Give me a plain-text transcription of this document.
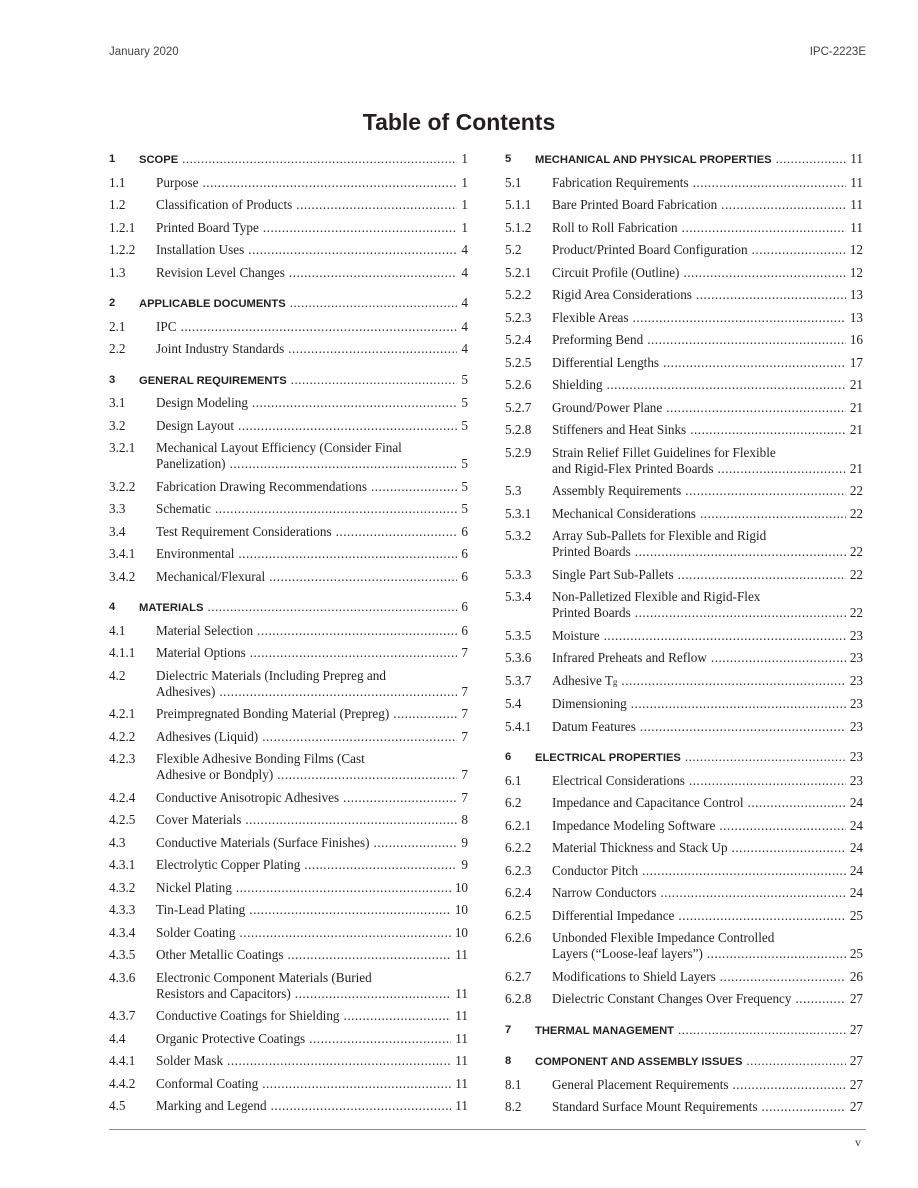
January 2020	IPC-2223E
Table of Contents
1	SCOPE .....	1
1.1	Purpose .....	1
1.2	Classification of Products .....	1
1.2.1	Printed Board Type .....	1
1.2.2	Installation Uses .....	4
1.3	Revision Level Changes .....	4
2	APPLICABLE DOCUMENTS .....	4
2.1	IPC .....	4
2.2	Joint Industry Standards .....	4
3	GENERAL REQUIREMENTS .....	5
3.1	Design Modeling .....	5
3.2	Design Layout .....	5
3.2.1	Mechanical Layout Efficiency (Consider Final
Panelization) .....	5
3.2.2	Fabrication Drawing Recommendations .....	5
3.3	Schematic .....	5
3.4	Test Requirement Considerations .....	6
3.4.1	Environmental .....	6
3.4.2	Mechanical/Flexural .....	6
4	MATERIALS .....	6
4.1	Material Selection .....	6
4.1.1	Material Options .....	7
4.2	Dielectric Materials (Including Prepreg and
Adhesives) .....	7
4.2.1	Preimpregnated Bonding Material (Prepreg) .....	7
4.2.2	Adhesives (Liquid) .....	7
4.2.3	Flexible Adhesive Bonding Films (Cast
Adhesive or Bondply) .....	7
4.2.4	Conductive Anisotropic Adhesives .....	7
4.2.5	Cover Materials .....	8
4.3	Conductive Materials (Surface Finishes) .....	9
4.3.1	Electrolytic Copper Plating .....	9
4.3.2	Nickel Plating .....	10
4.3.3	Tin-Lead Plating .....	10
4.3.4	Solder Coating .....	10
4.3.5	Other Metallic Coatings .....	11
4.3.6	Electronic Component Materials (Buried
Resistors and Capacitors) .....	11
4.3.7	Conductive Coatings for Shielding .....	11
4.4	Organic Protective Coatings .....	11
4.4.1	Solder Mask .....	11
4.4.2	Conformal Coating .....	11
4.5	Marking and Legend .....	11
5	MECHANICAL AND PHYSICAL PROPERTIES .....	11
5.1	Fabrication Requirements .....	11
5.1.1	Bare Printed Board Fabrication .....	11
5.1.2	Roll to Roll Fabrication .....	11
5.2	Product/Printed Board Configuration .....	12
5.2.1	Circuit Profile (Outline) .....	12
5.2.2	Rigid Area Considerations .....	13
5.2.3	Flexible Areas .....	13
5.2.4	Preforming Bend .....	16
5.2.5	Differential Lengths .....	17
5.2.6	Shielding .....	21
5.2.7	Ground/Power Plane .....	21
5.2.8	Stiffeners and Heat Sinks .....	21
5.2.9	Strain Relief Fillet Guidelines for Flexible
and Rigid-Flex Printed Boards .....	21
5.3	Assembly Requirements .....	22
5.3.1	Mechanical Considerations .....	22
5.3.2	Array Sub-Pallets for Flexible and Rigid
Printed Boards .....	22
5.3.3	Single Part Sub-Pallets .....	22
5.3.4	Non-Palletized Flexible and Rigid-Flex
Printed Boards .....	22
5.3.5	Moisture .....	23
5.3.6	Infrared Preheats and Reflow .....	23
5.3.7	Adhesive T g .....	23
5.4	Dimensioning .....	23
5.4.1	Datum Features .....	23
6	ELECTRICAL PROPERTIES .....	23
6.1	Electrical Considerations .....	23
6.2	Impedance and Capacitance Control .....	24
6.2.1	Impedance Modeling Software .....	24
6.2.2	Material Thickness and Stack Up .....	24
6.2.3	Conductor Pitch .....	24
6.2.4	Narrow Conductors .....	24
6.2.5	Differential Impedance .....	25
6.2.6	Unbonded Flexible Impedance Controlled
Layers (“Loose-leaf layers”) .....	25
6.2.7	Modifications to Shield Layers .....	26
6.2.8	Dielectric Constant Changes Over Frequency .....	27
7	THERMAL MANAGEMENT .....	27
8	COMPONENT AND ASSEMBLY ISSUES .....	27
8.1	General Placement Requirements .....	27
8.2	Standard Surface Mount Requirements .....	27
v
